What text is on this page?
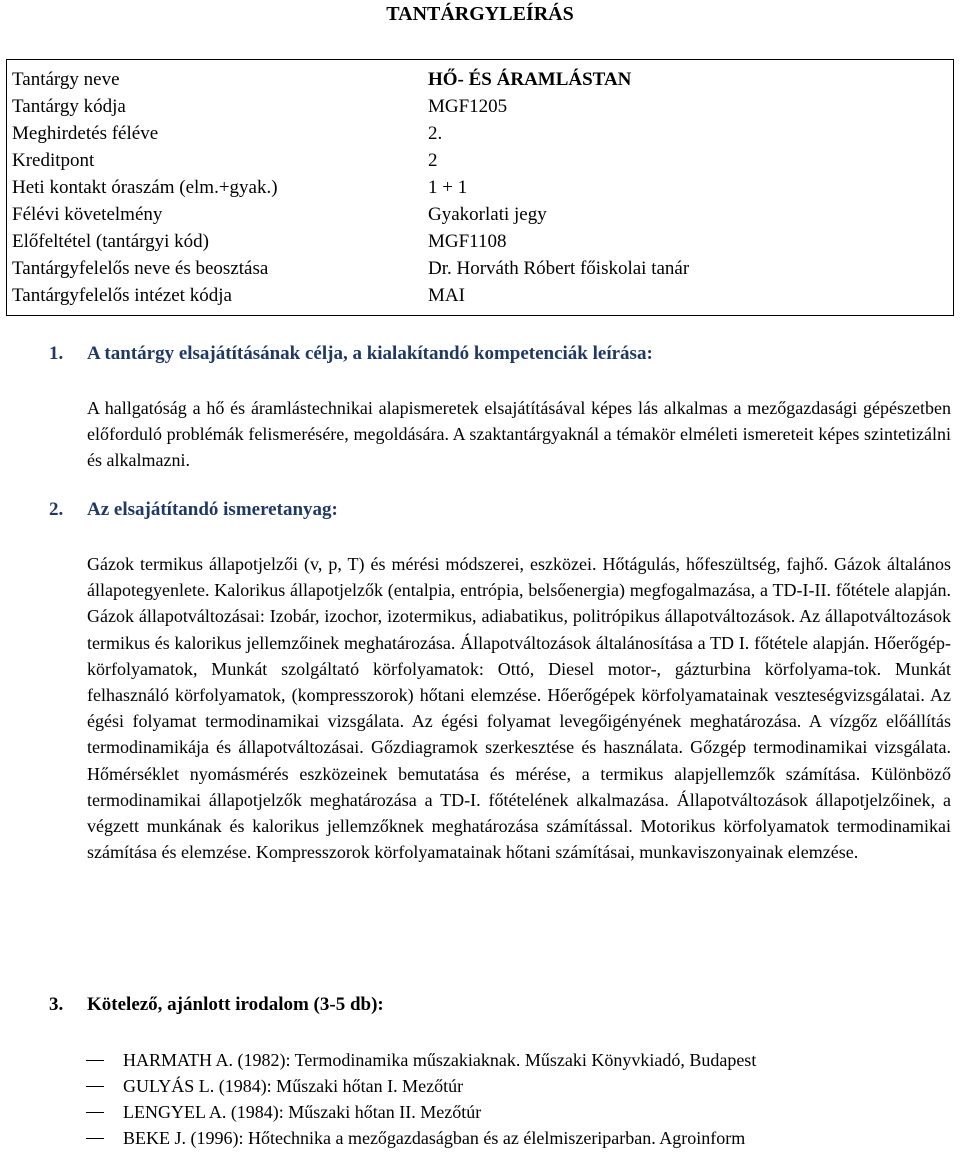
TANTÁRGYLEÍRÁS
Tantárgy neve	HŐ- ÉS ÁRAMLÁSTAN
Tantárgy kódja	MGF1205
Meghirdetés féléve	2.
Kreditpont	2
Heti kontakt óraszám (elm.+gyak.)	1 + 1
Félévi követelmény	Gyakorlati jegy
Előfeltétel (tantárgyi kód)	MGF1108
Tantárgyfelelős neve és beosztása	Dr. Horváth Róbert főiskolai tanár
Tantárgyfelelős intézet kódja	MAI
1. A tantárgy elsajátításának célja, a kialakítandó kompetenciák leírása:
A hallgatóság a hő és áramlástechnikai alapismeretek elsajátításával képes lás alkalmas a mezőgazdasági gépészetben előforduló problémák felismerésére, megoldására. A szaktantárgyaknál a témakör elméleti ismereteit képes szintetizálni és alkalmazni.
2. Az elsajátítandó ismeretanyag:
Gázok termikus állapotjelzői (v, p, T) és mérési módszerei, eszközei. Hőtágulás, hőfeszültség, fajhő. Gázok általános állapotegyenlete. Kalorikus állapotjelzők (entalpia, entrópia, belsőenergia) megfogalmazása, a TD-I-II. főtétele alapján. Gázok állapotváltozásai: Izobár, izochor, izotermikus, adiabatikus, politrópikus állapotváltozások. Az állapotváltozások termikus és kalorikus jellemzőinek meghatározása. Állapotváltozások általánosítása a TD I. főtétele alapján. Hőerőgép-körfolyamatok, Munkát szolgáltató körfolyamatok: Ottó, Diesel motor-, gázturbina körfolyama-tok. Munkát felhasználó körfolyamatok, (kompresszorok) hőtani elemzése. Hőerőgépek körfolyamatainak veszteségvizsgálatai. Az égési folyamat termodinamikai vizsgálata. Az égési folyamat levegőigényének meghatározása. A vízgőz előállítás termodinamikája és állapotváltozásai. Gőzdiagramok szerkesztése és használata. Gőzgép termodinamikai vizsgálata. Hőmérséklet nyomásmérés eszközeinek bemutatása és mérése, a termikus alapjellemzők számítása. Különböző termodinamikai állapotjelzők meghatározása a TD-I. főtételének alkalmazása. Állapotváltozások állapotjelzőinek, a végzett munkának és kalorikus jellemzőknek meghatározása számítással. Motorikus körfolyamatok termodinamikai számítása és elemzése. Kompresszorok körfolyamatainak hőtani számításai, munkaviszonyainak elemzése.
3. Kötelező, ajánlott irodalom (3-5 db):
HARMATH A. (1982): Termodinamika műszakiaknak. Műszaki Könyvkiadó, Budapest
GULYÁS L. (1984): Műszaki hőtan I. Mezőtúr
LENGYEL A. (1984): Műszaki hőtan II. Mezőtúr
BEKE J. (1996): Hőtechnika a mezőgazdaságban és az élelmiszeriparban. Agroinform
